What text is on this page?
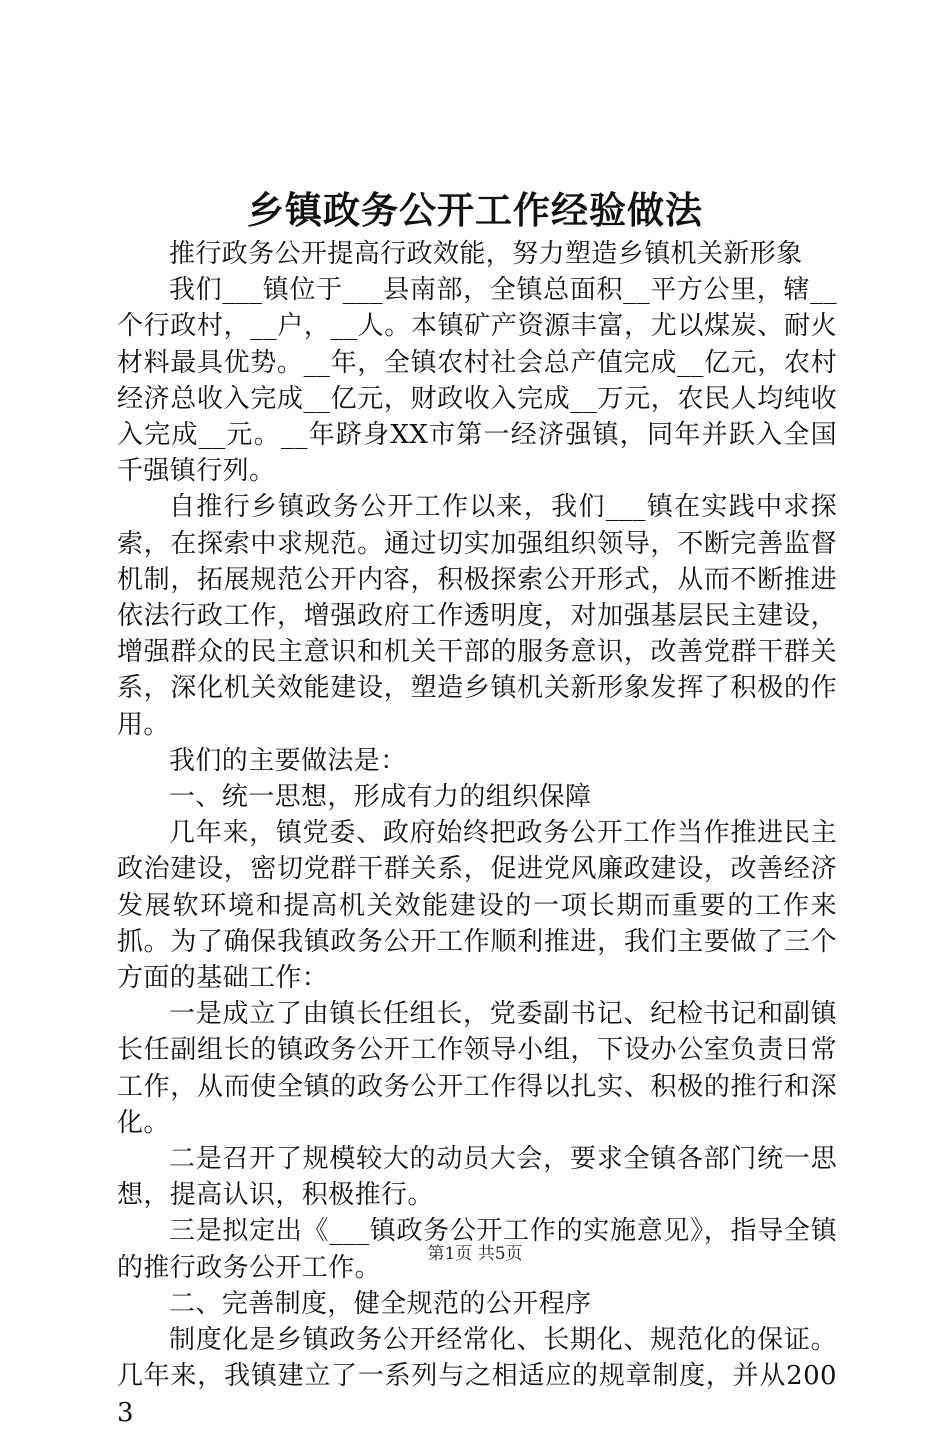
乡镇政务公开工作经验做法

推行政务公开提高行政效能，努力塑造乡镇机关新形象

我们___镇位于___县南部，全镇总面积__平方公里，辖__个行政村，__户，__人。本镇矿产资源丰富，尤以煤炭、耐火材料最具优势。__年，全镇农村社会总产值完成__亿元，农村经济总收入完成__亿元，财政收入完成__万元，农民人均纯收入完成__元。__年跻身XX市第一经济强镇，同年并跃入全国千强镇行列。

自推行乡镇政务公开工作以来，我们___镇在实践中求探索，在探索中求规范。通过切实加强组织领导，不断完善监督机制，拓展规范公开内容，积极探索公开形式，从而不断推进依法行政工作，增强政府工作透明度，对加强基层民主建设，增强群众的民主意识和机关干部的服务意识，改善党群干群关系，深化机关效能建设，塑造乡镇机关新形象发挥了积极的作用。

我们的主要做法是：

一、统一思想，形成有力的组织保障

几年来，镇党委、政府始终把政务公开工作当作推进民主政治建设，密切党群干群关系，促进党风廉政建设，改善经济发展软环境和提高机关效能建设的一项长期而重要的工作来抓。为了确保我镇政务公开工作顺利推进，我们主要做了三个方面的基础工作：

一是成立了由镇长任组长，党委副书记、纪检书记和副镇长任副组长的镇政务公开工作领导小组，下设办公室负责日常工作，从而使全镇的政务公开工作得以扎实、积极的推行和深化。

二是召开了规模较大的动员大会，要求全镇各部门统一思想，提高认识，积极推行。

三是拟定出《___镇政务公开工作的实施意见》，指导全镇的推行政务公开工作。

二、完善制度，健全规范的公开程序

制度化是乡镇政务公开经常化、长期化、规范化的保证。几年来，我镇建立了一系列与之相适应的规章制度，并从2003

第1页 共5页
